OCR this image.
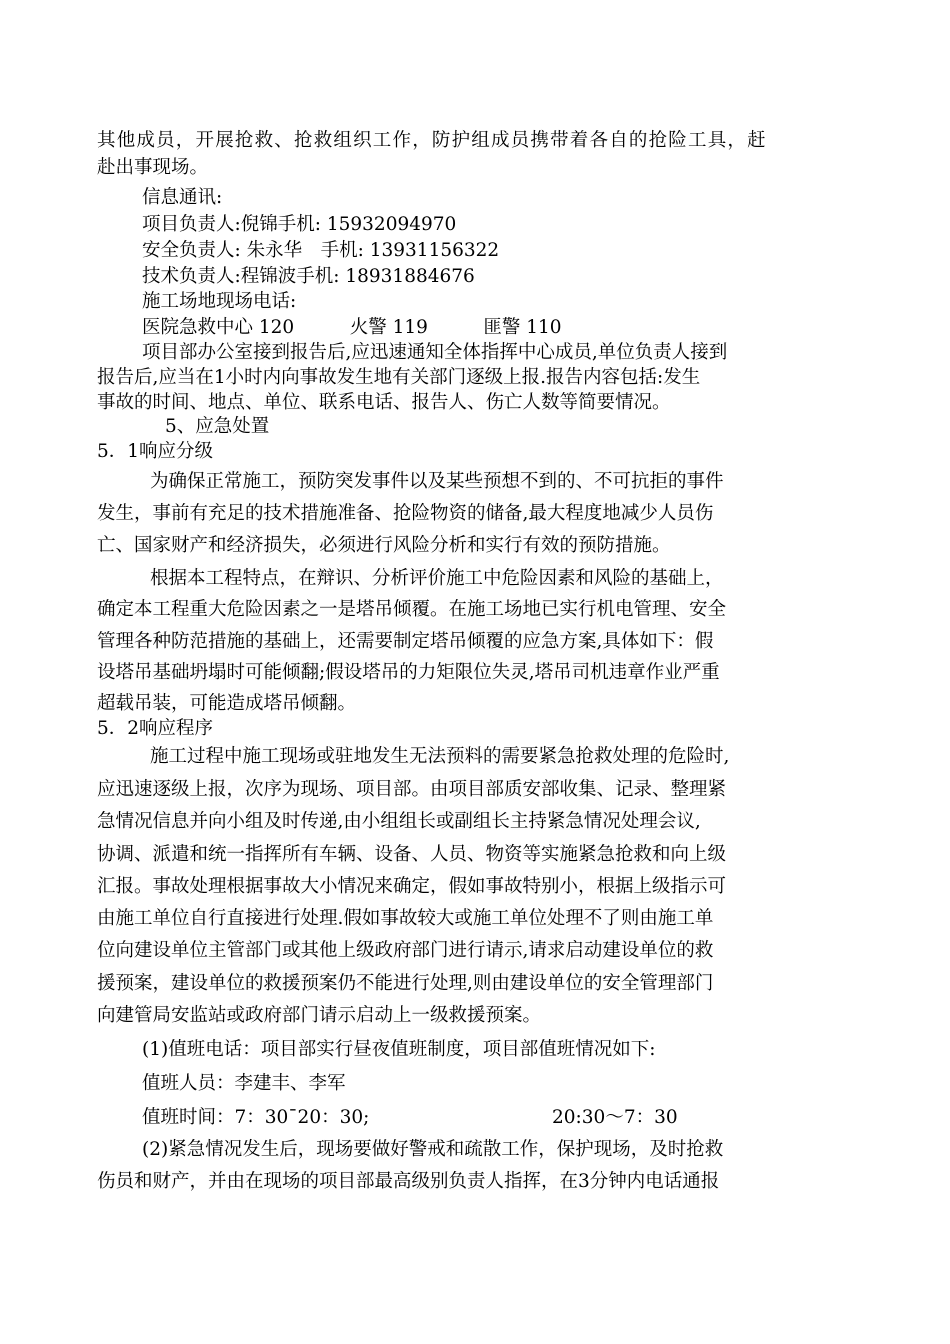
其他成员，开展抢救、抢救组织工作，防护组成员携带着各自的抢险工具，赶
赴出事现场。
信息通讯:
项目负责人:倪锦手机: 15932094970
安全负责人: 朱永华　手机: 13931156322
技术负责人:程锦波手机: 18931884676
施工场地现场电话:
医院急救中心 120　　　火警 119　　　匪警 110
项目部办公室接到报告后,应迅速通知全体指挥中心成员,单位负责人接到
报告后,应当在1小时内向事故发生地有关部门逐级上报.报告内容包括:发生
事故的时间、地点、单位、联系电话、报告人、伤亡人数等简要情况。
5、应急处置
5．1响应分级
为确保正常施工，预防突发事件以及某些预想不到的、不可抗拒的事件
发生，事前有充足的技术措施准备、抢险物资的储备,最大程度地减少人员伤
亡、国家财产和经济损失，必须进行风险分析和实行有效的预防措施。
根据本工程特点，在辩识、分析评价施工中危险因素和风险的基础上，
确定本工程重大危险因素之一是塔吊倾覆。在施工场地已实行机电管理、安全
管理各种防范措施的基础上，还需要制定塔吊倾覆的应急方案,具体如下：假
设塔吊基础坍塌时可能倾翻;假设塔吊的力矩限位失灵,塔吊司机违章作业严重
超载吊装，可能造成塔吊倾翻。
5．2响应程序
施工过程中施工现场或驻地发生无法预料的需要紧急抢救处理的危险时,
应迅速逐级上报，次序为现场、项目部。由项目部质安部收集、记录、整理紧
急情况信息并向小组及时传递,由小组组长或副组长主持紧急情况处理会议,
协调、派遣和统一指挥所有车辆、设备、人员、物资等实施紧急抢救和向上级
汇报。事故处理根据事故大小情况来确定，假如事故特别小，根据上级指示可
由施工单位自行直接进行处理.假如事故较大或施工单位处理不了则由施工单
位向建设单位主管部门或其他上级政府部门进行请示,请求启动建设单位的救
援预案，建设单位的救援预案仍不能进行处理,则由建设单位的安全管理部门
向建管局安监站或政府部门请示启动上一级救援预案。
(1)值班电话：项目部实行昼夜值班制度，项目部值班情况如下:
值班人员：李建丰、李军
值班时间：7：30¯20：30;	20:30～7：30
(2)紧急情况发生后，现场要做好警戒和疏散工作，保护现场，及时抢救
伤员和财产，并由在现场的项目部最高级别负责人指挥，在3分钟内电话通报
